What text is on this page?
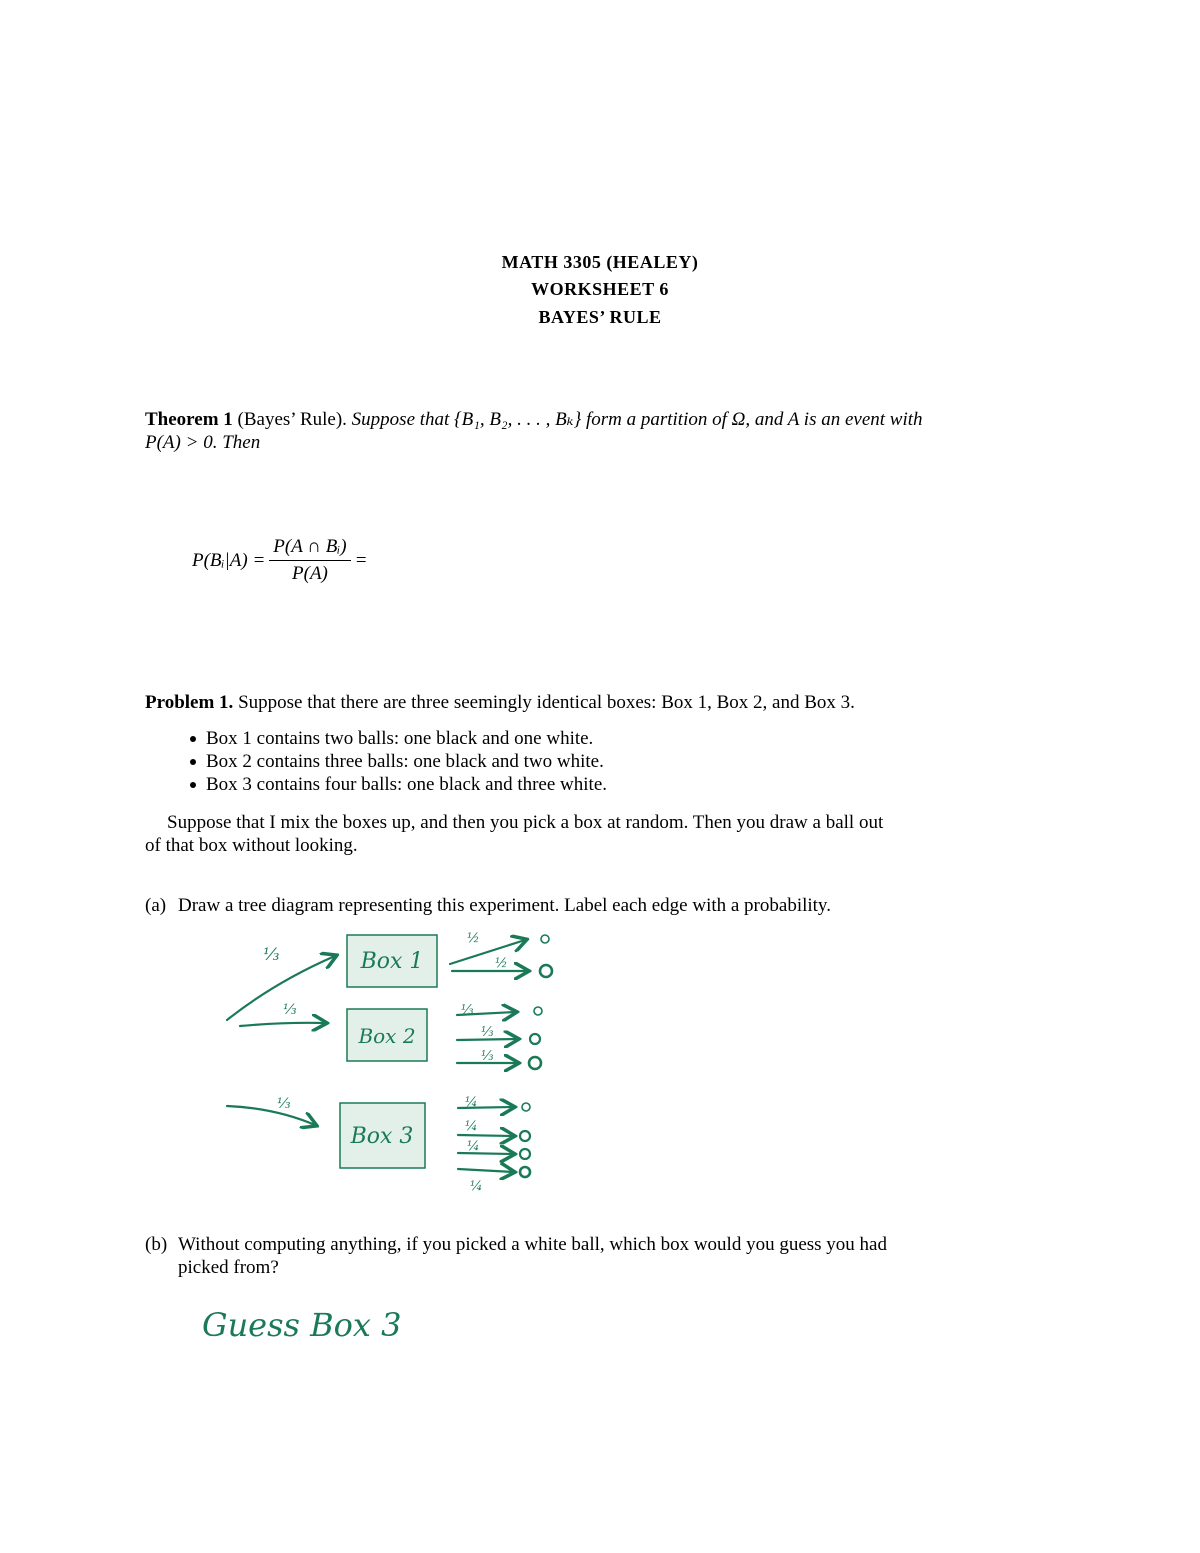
MATH 3305 (HEALEY)
WORKSHEET 6
BAYES’ RULE
Theorem 1 (Bayes’ Rule). Suppose that {B₁, B₂, . . . , Bₖ} form a partition of Ω, and A is an event with
P(A) > 0. Then
P(Bᵢ|A) = $\frac{\text{P(A ∩ Bᵢ)}}{P(A)}$ =
Problem 1. Suppose that there are three seemingly identical boxes: Box 1, Box 2, and Box 3.
Box 1 contains two balls: one black and one white.
Box 2 contains three balls: one black and two white.
Box 3 contains four balls: one black and three white.
Suppose that I mix the boxes up, and then you pick a box at random. Then you draw a ball out
of that box without looking.
(a) Draw a tree diagram representing this experiment. Label each edge with a probability.
Box 1
Box 2
Box 3
⅓
⅓
⅓
½
½
⅓
⅓
⅓
¼
¼
¼
¼
(b) Without computing anything, if you picked a white ball, which box would you guess you had
picked from?
Guess Box 3
